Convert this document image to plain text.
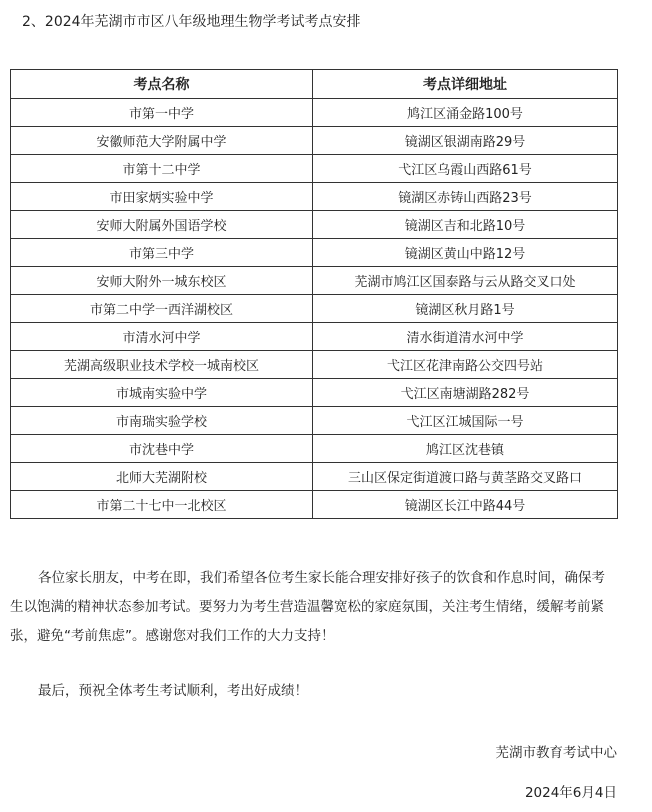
2、2024年芜湖市市区八年级地理生物学考试考点安排
考点名称	考点详细地址
市第一中学	鸠江区涌金路100号
安徽师范大学附属中学	镜湖区银湖南路29号
市第十二中学	弋江区乌霞山西路61号
市田家炳实验中学	镜湖区赤铸山西路23号
安师大附属外国语学校	镜湖区吉和北路10号
市第三中学	镜湖区黄山中路12号
安师大附外一城东校区	芜湖市鸠江区国泰路与云从路交叉口处
市第二中学一西洋湖校区	镜湖区秋月路1号
市清水河中学	清水街道清水河中学
芜湖高级职业技术学校一城南校区	弋江区花津南路公交四号站
市城南实验中学	弋江区南塘湖路282号
市南瑞实验学校	弋江区江城国际一号
市沈巷中学	鸠江区沈巷镇
北师大芜湖附校	三山区保定街道渡口路与黄茎路交叉路口
市第二十七中一北校区	镜湖区长江中路44号

各位家长朋友，中考在即，我们希望各位考生家长能合理安排好孩子的饮食和作息时间，确保考生以饱满的精神状态参加考试。要努力为考生营造温馨宽松的家庭氛围，关注考生情绪，缓解考前紧张，避免“考前焦虑”。感谢您对我们工作的大力支持！

最后，预祝全体考生考试顺利，考出好成绩！

芜湖市教育考试中心
2024年6月4日
